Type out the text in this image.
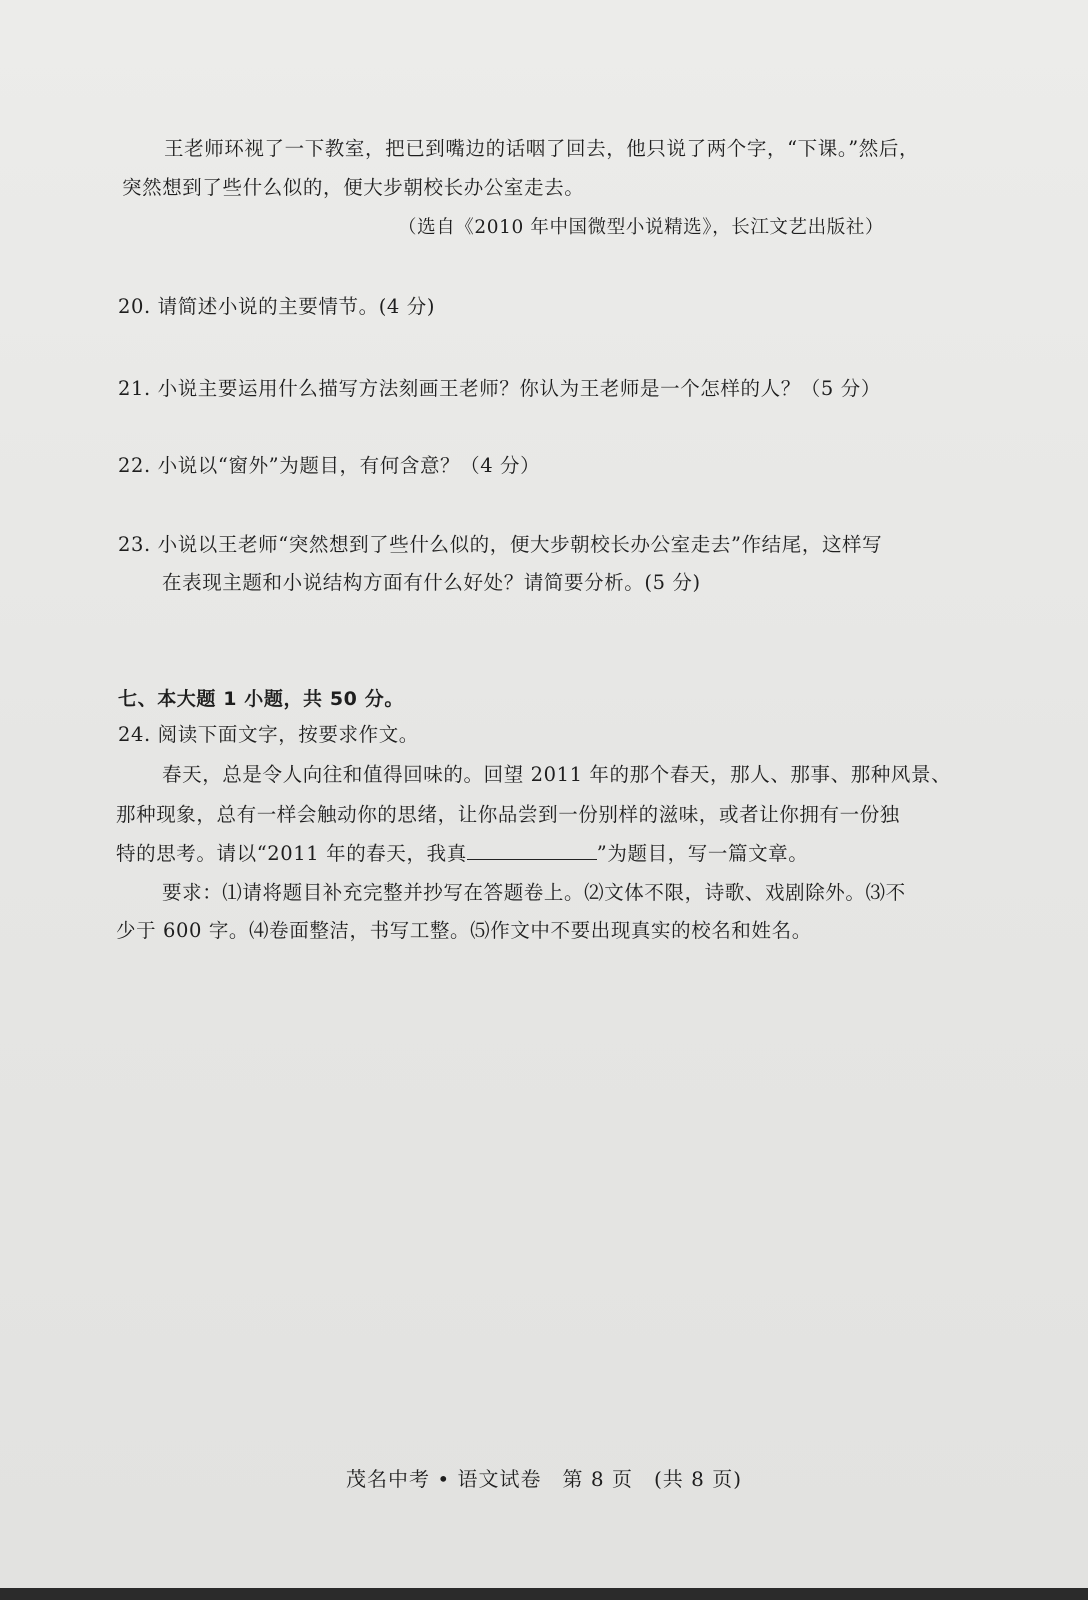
王老师环视了一下教室，把已到嘴边的话咽了回去，他只说了两个字，“下课。”然后，
突然想到了些什么似的，便大步朝校长办公室走去。
（选自《2010 年中国微型小说精选》，长江文艺出版社）
20. 请简述小说的主要情节。(4 分)
21. 小说主要运用什么描写方法刻画王老师？你认为王老师是一个怎样的人？（5 分）
22. 小说以“窗外”为题目，有何含意？（4 分）
23. 小说以王老师“突然想到了些什么似的，便大步朝校长办公室走去”作结尾，这样写
在表现主题和小说结构方面有什么好处？请简要分析。(5 分)
七、本大题 1 小题，共 50 分。
24. 阅读下面文字，按要求作文。
春天，总是令人向往和值得回味的。回望 2011 年的那个春天，那人、那事、那种风景、
那种现象，总有一样会触动你的思绪，让你品尝到一份别样的滋味，或者让你拥有一份独
特的思考。请以“2011 年的春天，我真	”为题目，写一篇文章。
要求：⑴请将题目补充完整并抄写在答题卷上。⑵文体不限，诗歌、戏剧除外。⑶不
少于 600 字。⑷卷面整洁，书写工整。⑸作文中不要出现真实的校名和姓名。
茂名中考 • 语文试卷　第 8 页　(共 8 页)
